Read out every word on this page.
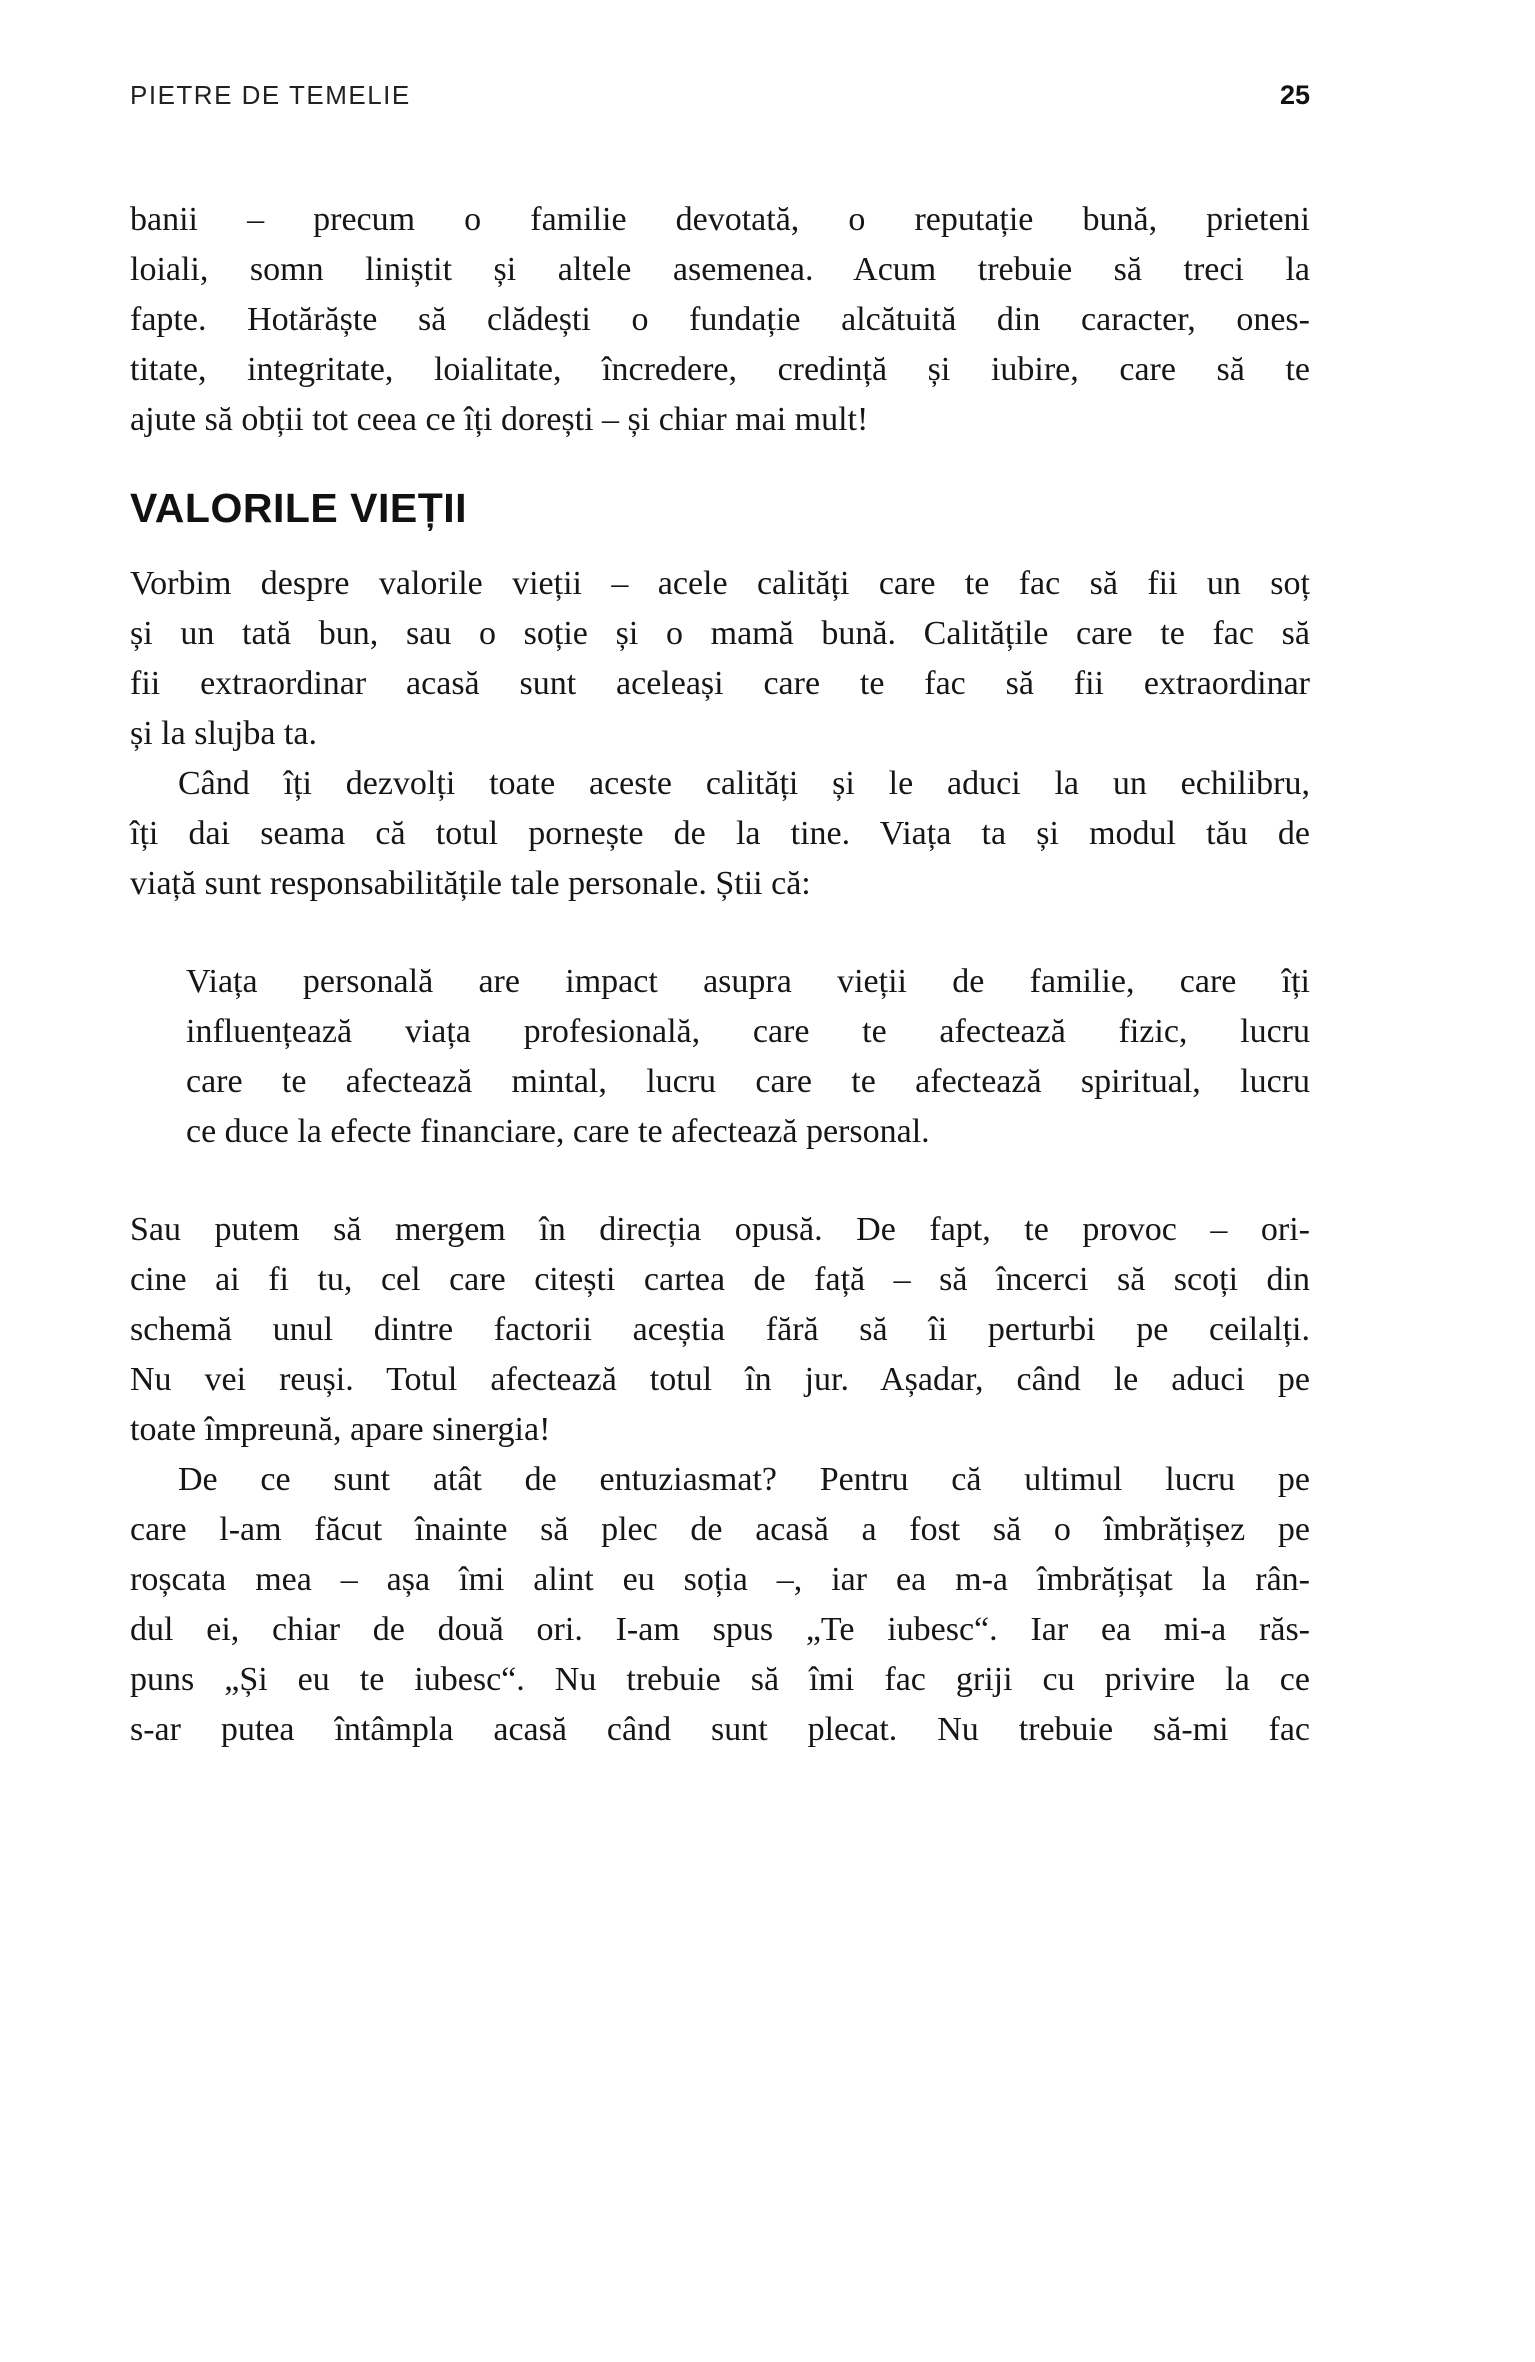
PIETRE DE TEMELIE	25
banii – precum o familie devotată, o reputație bună, prieteni
loiali, somn liniștit și altele asemenea. Acum trebuie să treci la
fapte. Hotărăște să clădești o fundație alcătuită din caracter, ones-
titate, integritate, loialitate, încredere, credință și iubire, care să te
ajute să obții tot ceea ce îți dorești – și chiar mai mult!
VALORILE VIEȚII
Vorbim despre valorile vieții – acele calități care te fac să fii un soț
și un tată bun, sau o soție și o mamă bună. Calitățile care te fac să
fii extraordinar acasă sunt aceleași care te fac să fii extraordinar
și la slujba ta.
Când îți dezvolți toate aceste calități și le aduci la un echilibru,
îți dai seama că totul pornește de la tine. Viața ta și modul tău de
viață sunt responsabilitățile tale personale. Știi că:
Viața personală are impact asupra vieții de familie, care îți
influențează viața profesională, care te afectează fizic, lucru
care te afectează mintal, lucru care te afectează spiritual, lucru
ce duce la efecte financiare, care te afectează personal.
Sau putem să mergem în direcția opusă. De fapt, te provoc – ori-
cine ai fi tu, cel care citești cartea de față – să încerci să scoți din
schemă unul dintre factorii aceștia fără să îi perturbi pe ceilalți.
Nu vei reuși. Totul afectează totul în jur. Așadar, când le aduci pe
toate împreună, apare sinergia!
De ce sunt atât de entuziasmat? Pentru că ultimul lucru pe
care l-am făcut înainte să plec de acasă a fost să o îmbrățișez pe
roșcata mea – așa îmi alint eu soția –, iar ea m-a îmbrățișat la rân-
dul ei, chiar de două ori. I-am spus „Te iubesc“. Iar ea mi-a răs-
puns „Și eu te iubesc“. Nu trebuie să îmi fac griji cu privire la ce
s-ar putea întâmpla acasă când sunt plecat. Nu trebuie să-mi fac
